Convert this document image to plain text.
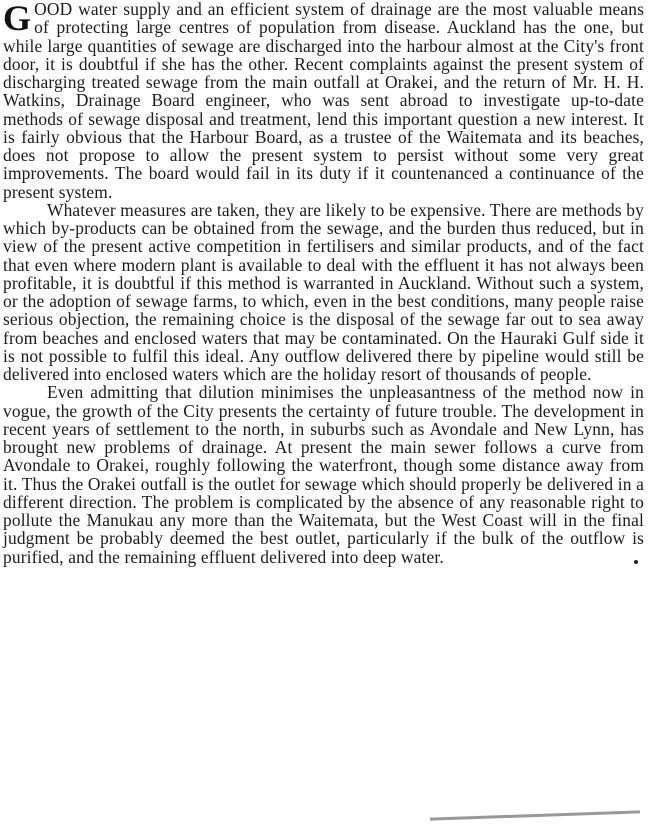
GOOD water supply and an efficient system of drainage are the most valuable means of protecting large centres of population from disease. Auckland has the one, but while large quantities of sewage are discharged into the harbour almost at the City's front door, it is doubtful if she has the other. Recent complaints against the present system of discharging treated sewage from the main outfall at Orakei, and the return of Mr. H. H. Watkins, Drainage Board engineer, who was sent abroad to investigate up-to-date methods of sewage disposal and treatment, lend this important question a new interest. It is fairly obvious that the Harbour Board, as a trustee of the Waitemata and its beaches, does not propose to allow the present system to persist without some very great improvements. The board would fail in its duty if it countenanced a continuance of the present system.

Whatever measures are taken, they are likely to be expensive. There are methods by which by-products can be obtained from the sewage, and the burden thus reduced, but in view of the present active competition in fertilisers and similar products, and of the fact that even where modern plant is available to deal with the effluent it has not always been profitable, it is doubtful if this method is warranted in Auckland. Without such a system, or the adoption of sewage farms, to which, even in the best conditions, many people raise serious objection, the remaining choice is the disposal of the sewage far out to sea away from beaches and enclosed waters that may be contaminated. On the Hauraki Gulf side it is not possible to fulfil this ideal. Any outflow delivered there by pipeline would still be delivered into enclosed waters which are the holiday resort of thousands of people.

Even admitting that dilution minimises the unpleasantness of the method now in vogue, the growth of the City presents the certainty of future trouble. The development in recent years of settlement to the north, in suburbs such as Avondale and New Lynn, has brought new problems of drainage. At present the main sewer follows a curve from Avondale to Orakei, roughly following the waterfront, though some distance away from it. Thus the Orakei outfall is the outlet for sewage which should properly be delivered in a different direction. The problem is complicated by the absence of any reasonable right to pollute the Manukau any more than the Waitemata, but the West Coast will in the final judgment be probably deemed the best outlet, particularly if the bulk of the outflow is purified, and the remaining effluent delivered into deep water.
